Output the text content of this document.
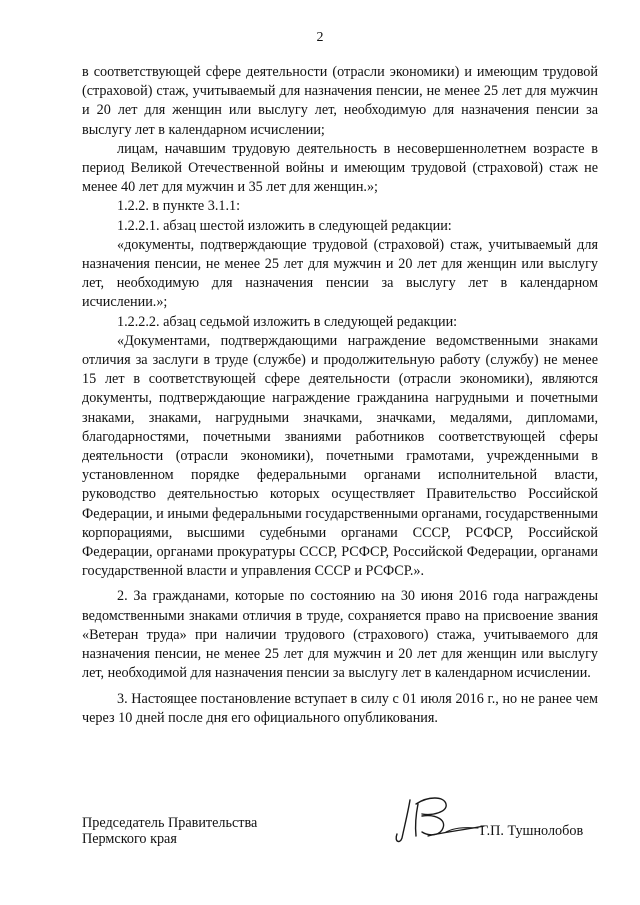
2

в соответствующей сфере деятельности (отрасли экономики) и имеющим трудовой (страховой) стаж, учитываемый для назначения пенсии, не менее 25 лет для мужчин и 20 лет для женщин или выслугу лет, необходимую для назначения пенсии за выслугу лет в календарном исчислении;

лицам, начавшим трудовую деятельность в несовершеннолетнем возрасте в период Великой Отечественной войны и имеющим трудовой (страховой) стаж не менее 40 лет для мужчин и 35 лет для женщин.»;

1.2.2. в пункте 3.1.1:

1.2.2.1. абзац шестой изложить в следующей редакции:

«документы, подтверждающие трудовой (страховой) стаж, учитываемый для назначения пенсии, не менее 25 лет для мужчин и 20 лет для женщин или выслугу лет, необходимую для назначения пенсии за выслугу лет в календарном исчислении.»;

1.2.2.2. абзац седьмой изложить в следующей редакции:

«Документами, подтверждающими награждение ведомственными знаками отличия за заслуги в труде (службе) и продолжительную работу (службу) не менее 15 лет в соответствующей сфере деятельности (отрасли экономики), являются документы, подтверждающие награждение гражданина нагрудными и почетными знаками, знаками, нагрудными значками, значками, медалями, дипломами, благодарностями, почетными званиями работников соответствующей сферы деятельности (отрасли экономики), почетными грамотами, учрежденными в установленном порядке федеральными органами исполнительной власти, руководство деятельностью которых осуществляет Правительство Российской Федерации, и иными федеральными государственными органами, государственными корпорациями, высшими судебными органами СССР, РСФСР, Российской Федерации, органами прокуратуры СССР, РСФСР, Российской Федерации, органами государственной власти и управления СССР и РСФСР.».

2. За гражданами, которые по состоянию на 30 июня 2016 года награждены ведомственными знаками отличия в труде, сохраняется право на присвоение звания «Ветеран труда» при наличии трудового (страхового) стажа, учитываемого для назначения пенсии, не менее 25 лет для мужчин и 20 лет для женщин или выслугу лет, необходимой для назначения пенсии за выслугу лет в календарном исчислении.

3. Настоящее постановление вступает в силу с 01 июля 2016 г., но не ранее чем через 10 дней после дня его официального опубликования.

Председатель Правительства
Пермского края	Г.П. Тушнолобов
